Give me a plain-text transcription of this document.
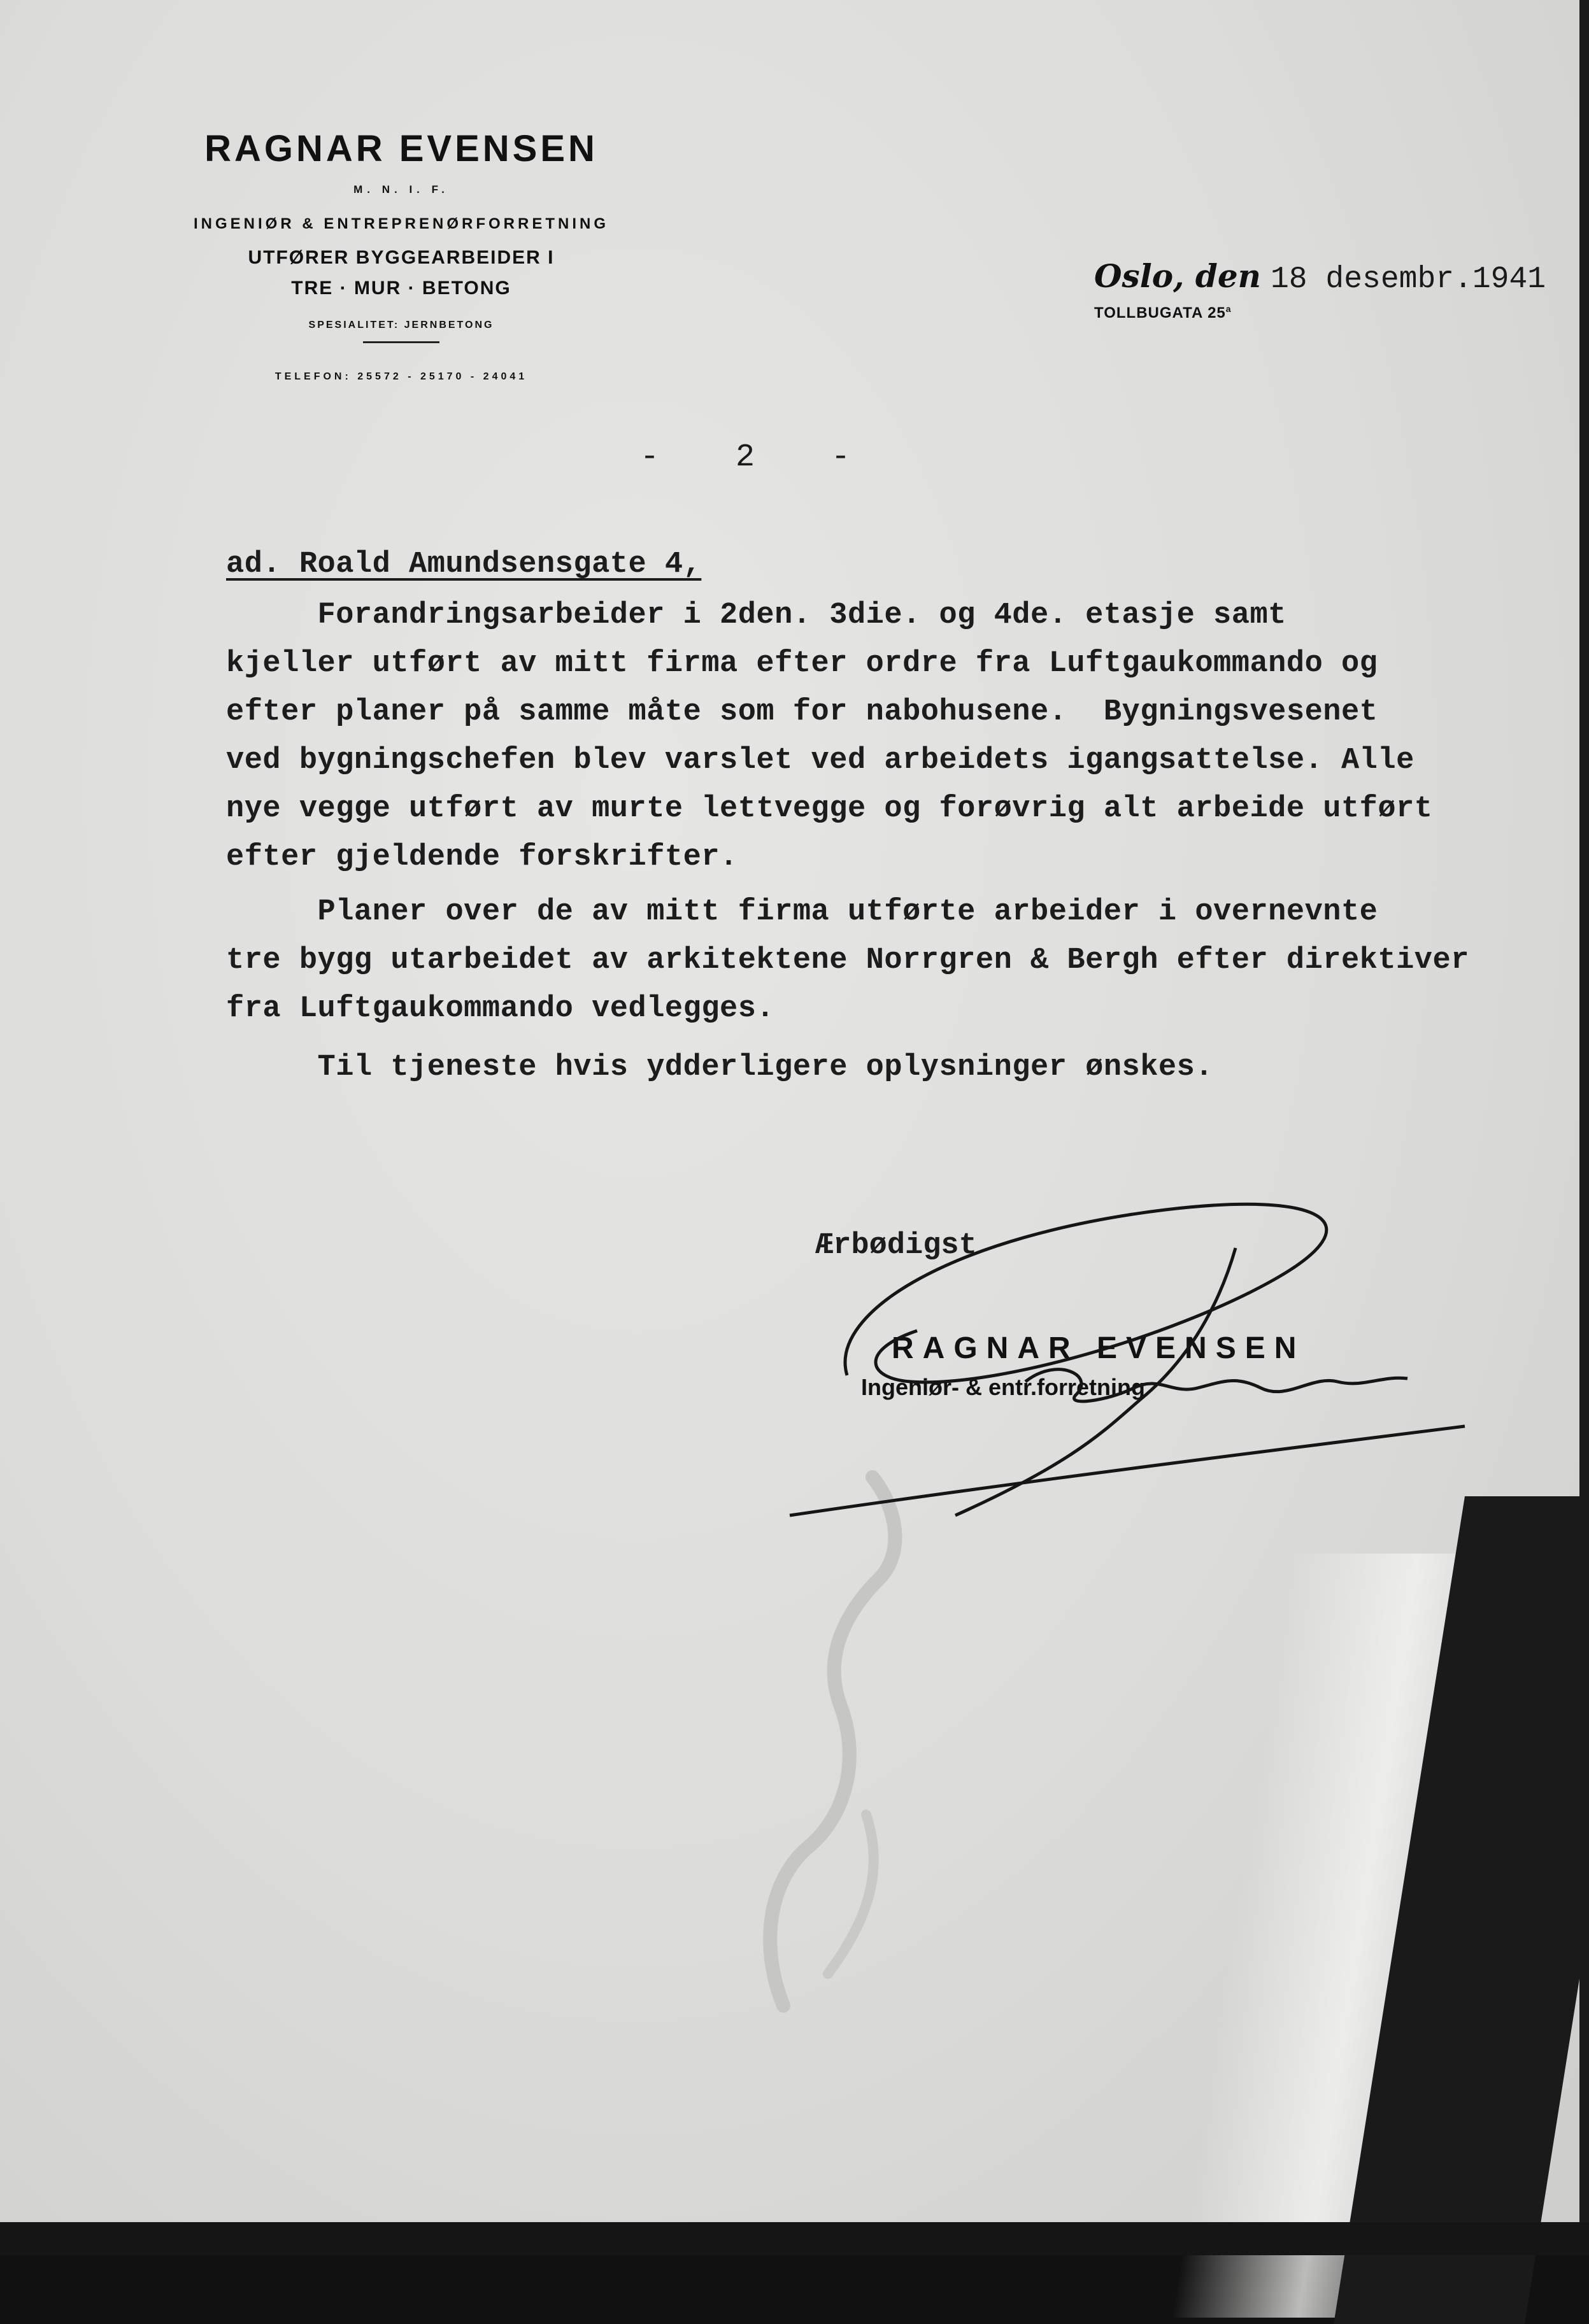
RAGNAR EVENSEN
M. N. I. F.
INGENIØR & ENTREPRENØRFORRETNING
UTFØRER BYGGEARBEIDER I
TRE · MUR · BETONG
SPESIALITET: JERNBETONG
TELEFON: 25572 - 25170 - 24041
Oslo, den 18 desembr.1941
TOLLBUGATA 25$^a$
-    2    -
ad. Roald Amundsensgate 4,
Forandringsarbeider i 2den. 3die. og 4de. etasje samt
kjeller utført av mitt firma efter ordre fra Luftgaukommando og
efter planer på samme måte som for nabohusene.  Bygningsvesenet
ved bygningschefen blev varslet ved arbeidets igangsattelse. Alle
nye vegge utført av murte lettvegge og forøvrig alt arbeide utført
efter gjeldende forskrifter.
Planer over de av mitt firma utførte arbeider i overnevnte
tre bygg utarbeidet av arkitektene Norrgren & Bergh efter direktiver
fra Luftgaukommando vedlegges.
Til tjeneste hvis ydderligere oplysninger ønskes.
Ærbødigst
RAGNAR EVENSEN
Ingeniør- & entr.forretning
